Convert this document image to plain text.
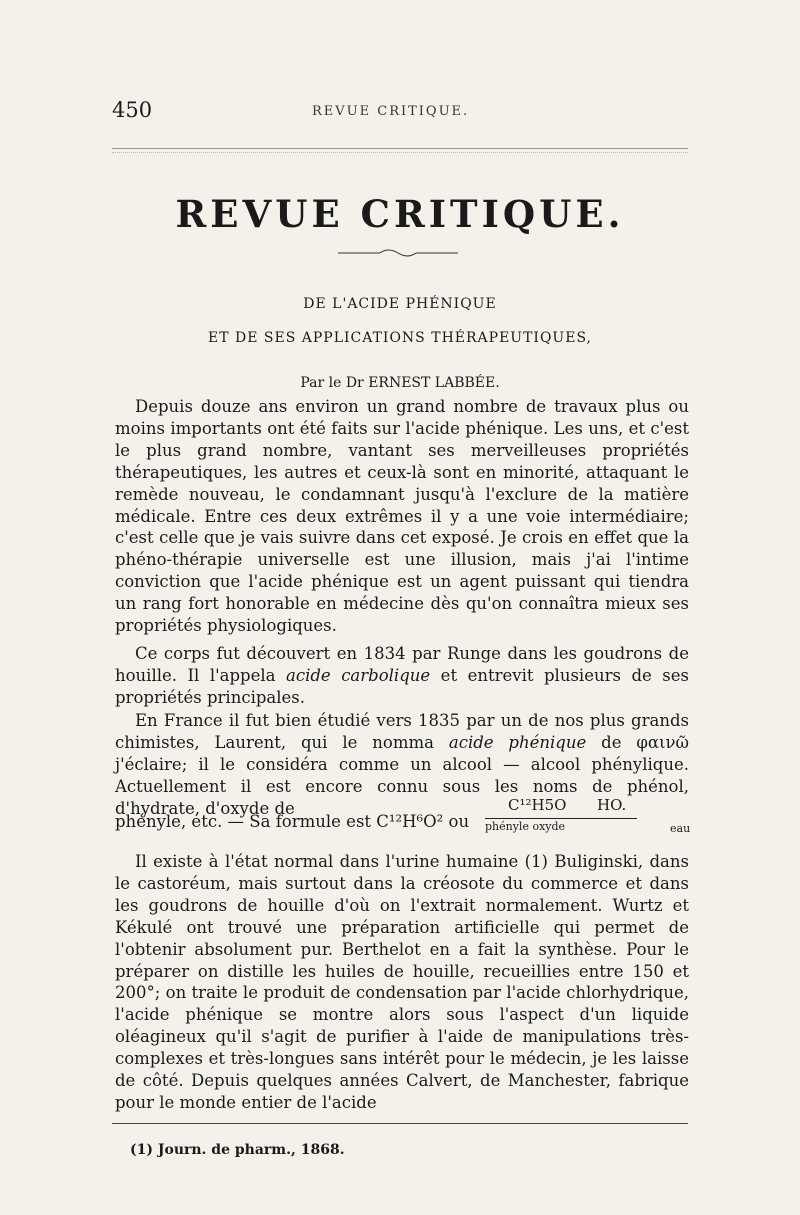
450	REVUE CRITIQUE.
REVUE CRITIQUE.
DE L'ACIDE PHÉNIQUE
ET DE SES APPLICATIONS THÉRAPEUTIQUES,
Par le Dr ERNEST LABBÉE.

Depuis douze ans environ un grand nombre de travaux plus ou moins importants ont été faits sur l'acide phénique. Les uns, et c'est le plus grand nombre, vantant ses merveilleuses propriétés thérapeutiques, les autres et ceux-là sont en minorité, attaquant le remède nouveau, le condamnant jusqu'à l'exclure de la matière médicale. Entre ces deux extrêmes il y a une voie intermédiaire; c'est celle que je vais suivre dans cet exposé. Je crois en effet que la phéno-thérapie universelle est une illusion, mais j'ai l'intime conviction que l'acide phénique est un agent puissant qui tiendra un rang fort honorable en médecine dès qu'on connaîtra mieux ses propriétés physiologiques.

Ce corps fut découvert en 1834 par Runge dans les goudrons de houille. Il l'appela acide carbolique et entrevit plusieurs de ses propriétés principales.

En France il fut bien étudié vers 1835 par un de nos plus grands chimistes, Laurent, qui le nomma acide phénique de φαινῶ j'éclaire; il le considéra comme un alcool — alcool phénylique. Actuellement il est encore connu sous les noms de phénol, d'hydrate, d'oxyde de

phényle, etc. — Sa formule est C¹²H⁶O² ou
C¹²H5O HO.
phényle oxyde	eau

Il existe à l'état normal dans l'urine humaine (1) Buliginski, dans le castoréum, mais surtout dans la créosote du commerce et dans les goudrons de houille d'où on l'extrait normalement. Wurtz et Kékulé ont trouvé une préparation artificielle qui permet de l'obtenir absolument pur. Berthelot en a fait la synthèse. Pour le préparer on distille les huiles de houille, recueillies entre 150 et 200°; on traite le produit de condensation par l'acide chlorhydrique, l'acide phénique se montre alors sous l'aspect d'un liquide oléagineux qu'il s'agit de purifier à l'aide de manipulations très-complexes et très-longues sans intérêt pour le médecin, je les laisse de côté. Depuis quelques années Calvert, de Manchester, fabrique pour le monde entier de l'acide

(1) Journ. de pharm., 1868.
